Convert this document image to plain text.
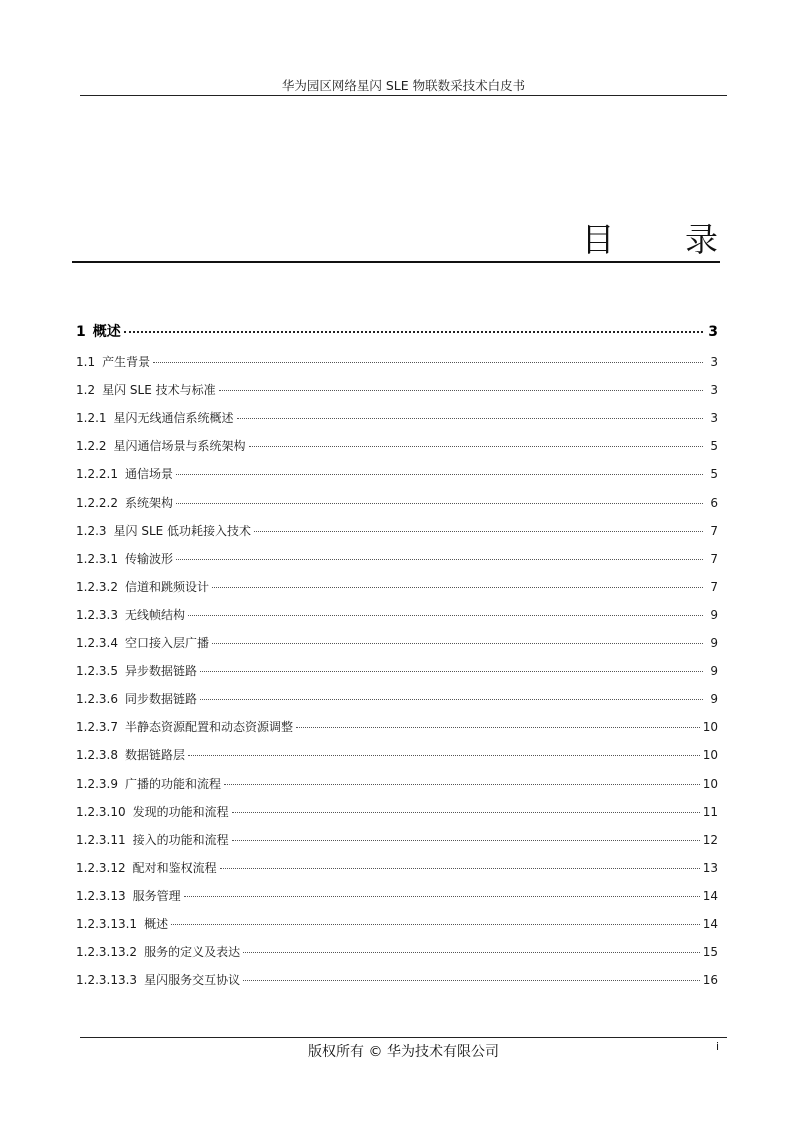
华为园区网络星闪 SLE 物联数采技术白皮书
目 录
1 概述	3
1.1 产生背景	3
1.2 星闪 SLE 技术与标准	3
1.2.1 星闪无线通信系统概述	3
1.2.2 星闪通信场景与系统架构	5
1.2.2.1 通信场景	5
1.2.2.2 系统架构	6
1.2.3 星闪 SLE 低功耗接入技术	7
1.2.3.1 传输波形	7
1.2.3.2 信道和跳频设计	7
1.2.3.3 无线帧结构	9
1.2.3.4 空口接入层广播	9
1.2.3.5 异步数据链路	9
1.2.3.6 同步数据链路	9
1.2.3.7 半静态资源配置和动态资源调整	10
1.2.3.8 数据链路层	10
1.2.3.9 广播的功能和流程	10
1.2.3.10 发现的功能和流程	11
1.2.3.11 接入的功能和流程	12
1.2.3.12 配对和鉴权流程	13
1.2.3.13 服务管理	14
1.2.3.13.1 概述	14
1.2.3.13.2 服务的定义及表达	15
1.2.3.13.3 星闪服务交互协议	16
版权所有 © 华为技术有限公司	i
